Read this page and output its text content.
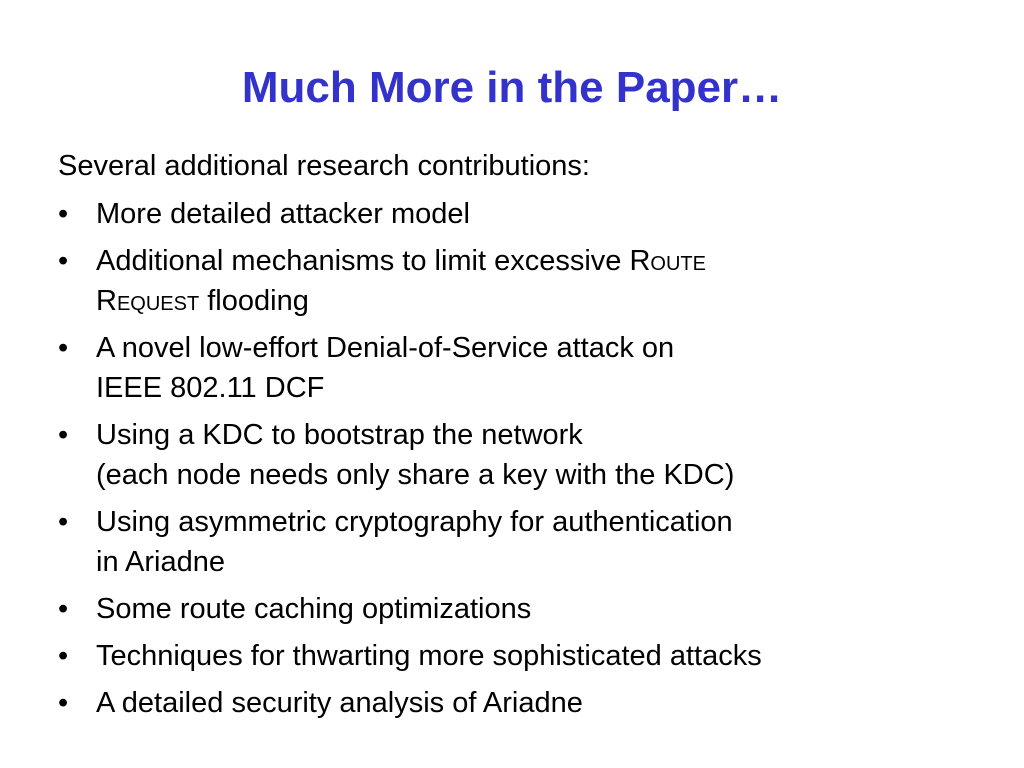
Much More in the Paper…
Several additional research contributions:
• More detailed attacker model
• Additional mechanisms to limit excessive Route
Request flooding
• A novel low-effort Denial-of-Service attack on
IEEE 802.11 DCF
• Using a KDC to bootstrap the network
(each node needs only share a key with the KDC)
• Using asymmetric cryptography for authentication
in Ariadne
• Some route caching optimizations
• Techniques for thwarting more sophisticated attacks
• A detailed security analysis of Ariadne
